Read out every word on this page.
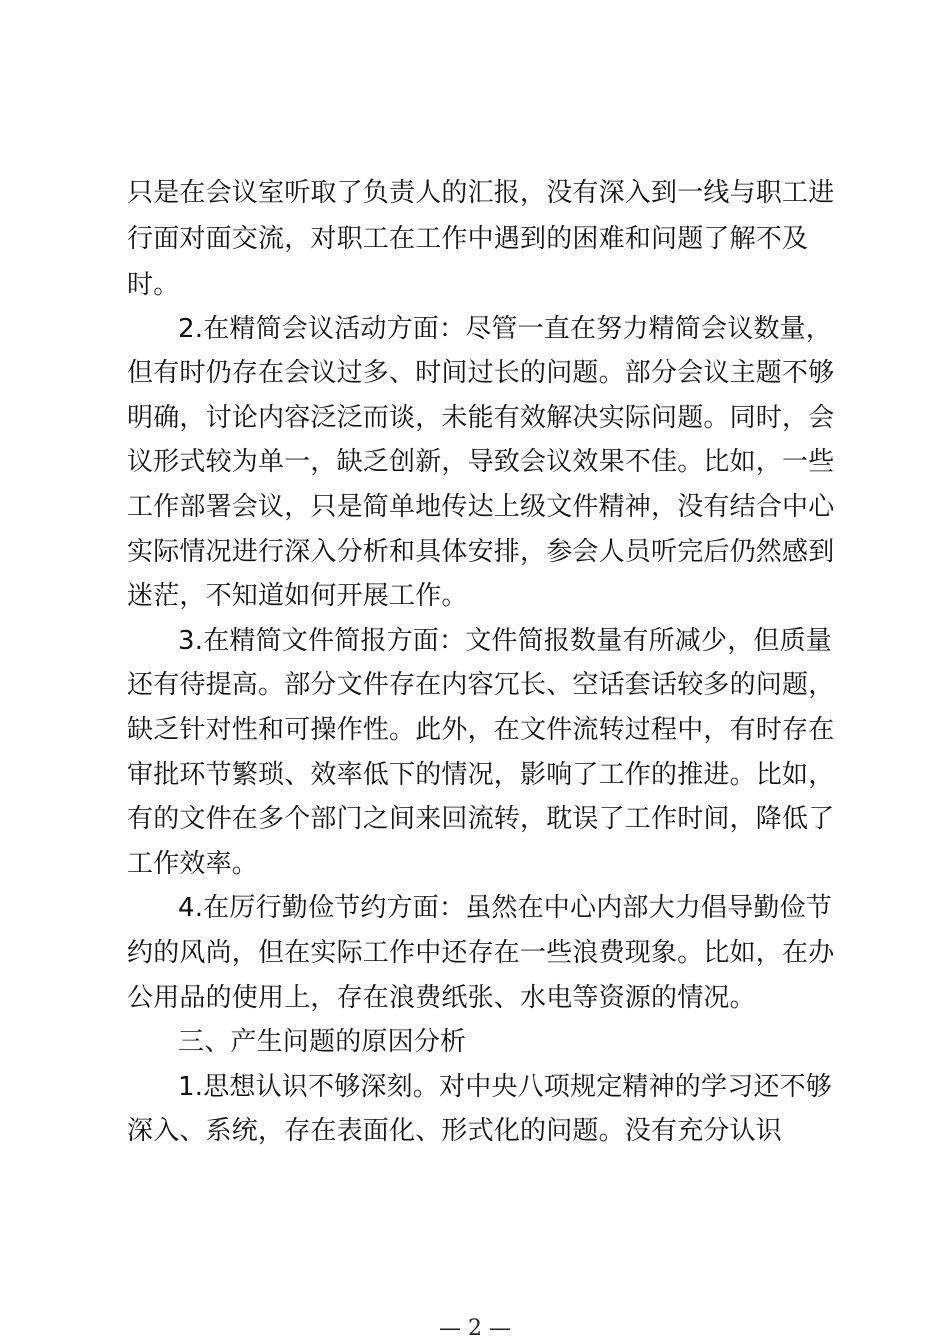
只是在会议室听取了负责人的汇报，没有深入到一线与职工进
行面对面交流，对职工在工作中遇到的困难和问题了解不及
时。
2.在精简会议活动方面：尽管一直在努力精简会议数量，
但有时仍存在会议过多、时间过长的问题。部分会议主题不够
明确，讨论内容泛泛而谈，未能有效解决实际问题。同时，会
议形式较为单一，缺乏创新，导致会议效果不佳。比如，一些
工作部署会议，只是简单地传达上级文件精神，没有结合中心
实际情况进行深入分析和具体安排，参会人员听完后仍然感到
迷茫，不知道如何开展工作。
3.在精简文件简报方面：文件简报数量有所减少，但质量
还有待提高。部分文件存在内容冗长、空话套话较多的问题，
缺乏针对性和可操作性。此外，在文件流转过程中，有时存在
审批环节繁琐、效率低下的情况，影响了工作的推进。比如，
有的文件在多个部门之间来回流转，耽误了工作时间，降低了
工作效率。
4.在厉行勤俭节约方面：虽然在中心内部大力倡导勤俭节
约的风尚，但在实际工作中还存在一些浪费现象。比如，在办
公用品的使用上，存在浪费纸张、水电等资源的情况。
三、产生问题的原因分析
1.思想认识不够深刻。对中央八项规定精神的学习还不够
深入、系统，存在表面化、形式化的问题。没有充分认识
— 2 —
